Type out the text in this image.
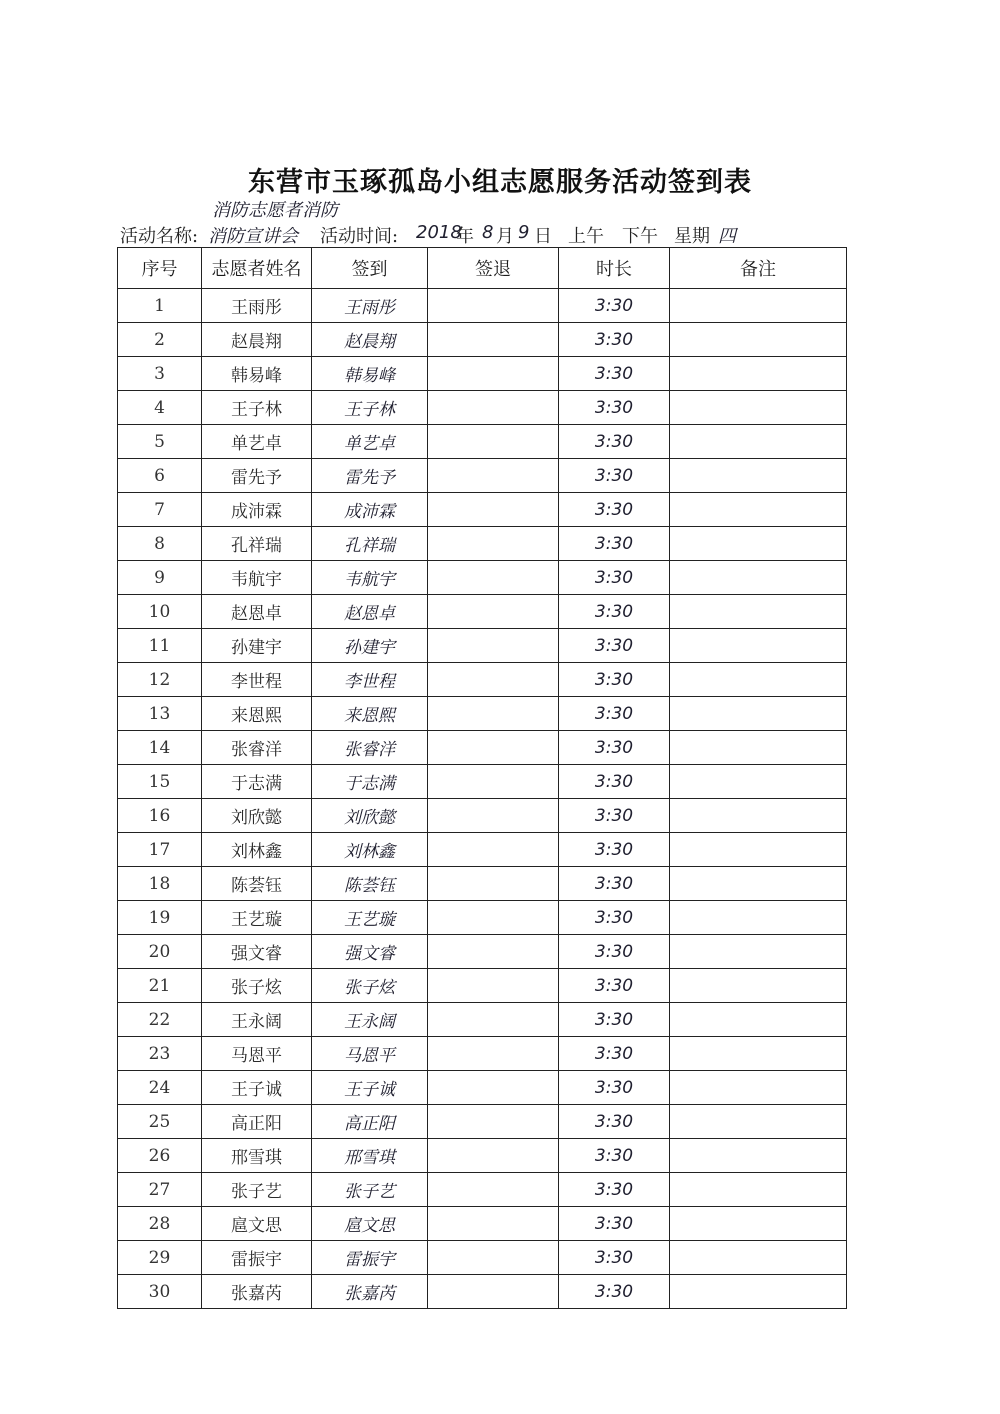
东营市玉琢孤岛小组志愿服务活动签到表
消防志愿者消防
活动名称: 消防宣讲会 活动时间: 2018
年 8 月 9 日 上午 下午 星期 四
序号	志愿者姓名	签到	签退	时长	备注
1	王雨彤	王雨彤		3:30	
2	赵晨翔	赵晨翔		3:30	
3	韩易峰	韩易峰		3:30	
4	王子林	王子林		3:30	
5	单艺卓	单艺卓		3:30	
6	雷先予	雷先予		3:30	
7	成沛霖	成沛霖		3:30	
8	孔祥瑞	孔祥瑞		3:30	
9	韦航宇	韦航宇		3:30	
10	赵恩卓	赵恩卓		3:30	
11	孙建宇	孙建宇		3:30	
12	李世程	李世程		3:30	
13	来恩熙	来恩熙		3:30	
14	张睿洋	张睿洋		3:30	
15	于志满	于志满		3:30	
16	刘欣懿	刘欣懿		3:30	
17	刘林鑫	刘林鑫		3:30	
18	陈荟钰	陈荟钰		3:30	
19	王艺璇	王艺璇		3:30	
20	强文睿	强文睿		3:30	
21	张子炫	张子炫		3:30	
22	王永阔	王永阔		3:30	
23	马恩平	马恩平		3:30	
24	王子诚	王子诚		3:30	
25	高正阳	高正阳		3:30	
26	邢雪琪	邢雪琪		3:30	
27	张子艺	张子艺		3:30	
28	扈文思	扈文思		3:30	
29	雷振宇	雷振宇		3:30	
30	张嘉芮	张嘉芮		3:30	
